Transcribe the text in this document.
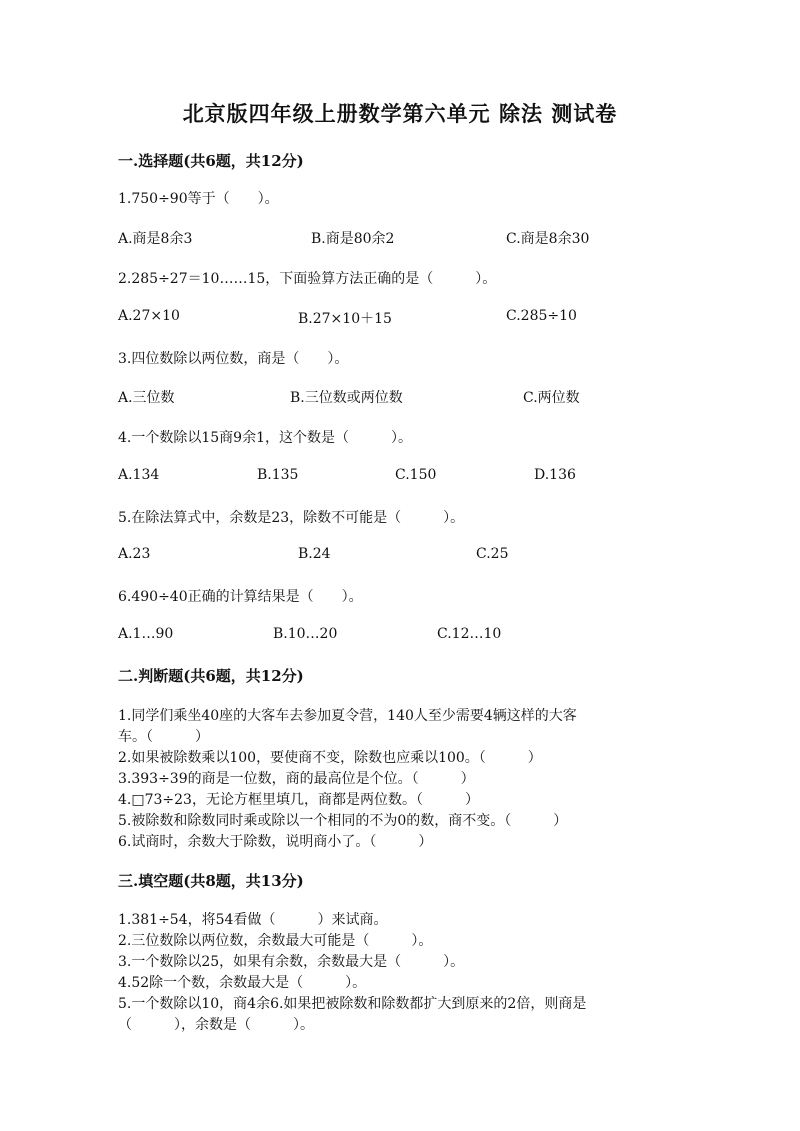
北京版四年级上册数学第六单元 除法 测试卷
一.选择题(共6题，共12分)
1.750÷90等于（　　）。
A.商是8余3	B.商是80余2	C.商是8余30
2.285÷27＝10……15，下面验算方法正确的是（　　　）。
A.27×10	B.27×10＋15	C.285÷10
3.四位数除以两位数，商是（　　）。
A.三位数	B.三位数或两位数	C.两位数
4.一个数除以15商9余1，这个数是（　　　）。
A.134	B.135	C.150	D.136
5.在除法算式中，余数是23，除数不可能是（　　　）。
A.23	B.24	C.25
6.490÷40正确的计算结果是（　　）。
A.1…90	B.10…20	C.12…10
二.判断题(共6题，共12分)
1.同学们乘坐40座的大客车去参加夏令营，140人至少需要4辆这样的大客
车。（　　　）
2.如果被除数乘以100，要使商不变，除数也应乘以100。（　　　）
3.393÷39的商是一位数，商的最高位是个位。（　　　）
4.□73÷23，无论方框里填几，商都是两位数。（　　　）
5.被除数和除数同时乘或除以一个相同的不为0的数，商不变。（　　　）
6.试商时，余数大于除数，说明商小了。（　　　）
三.填空题(共8题，共13分)
1.381÷54，将54看做（　　　）来试商。
2.三位数除以两位数，余数最大可能是（　　　）。
3.一个数除以25，如果有余数，余数最大是（　　　）。
4.52除一个数，余数最大是（　　　）。
5.一个数除以10，商4余6.如果把被除数和除数都扩大到原来的2倍，则商是
（　　　），余数是（　　　）。
